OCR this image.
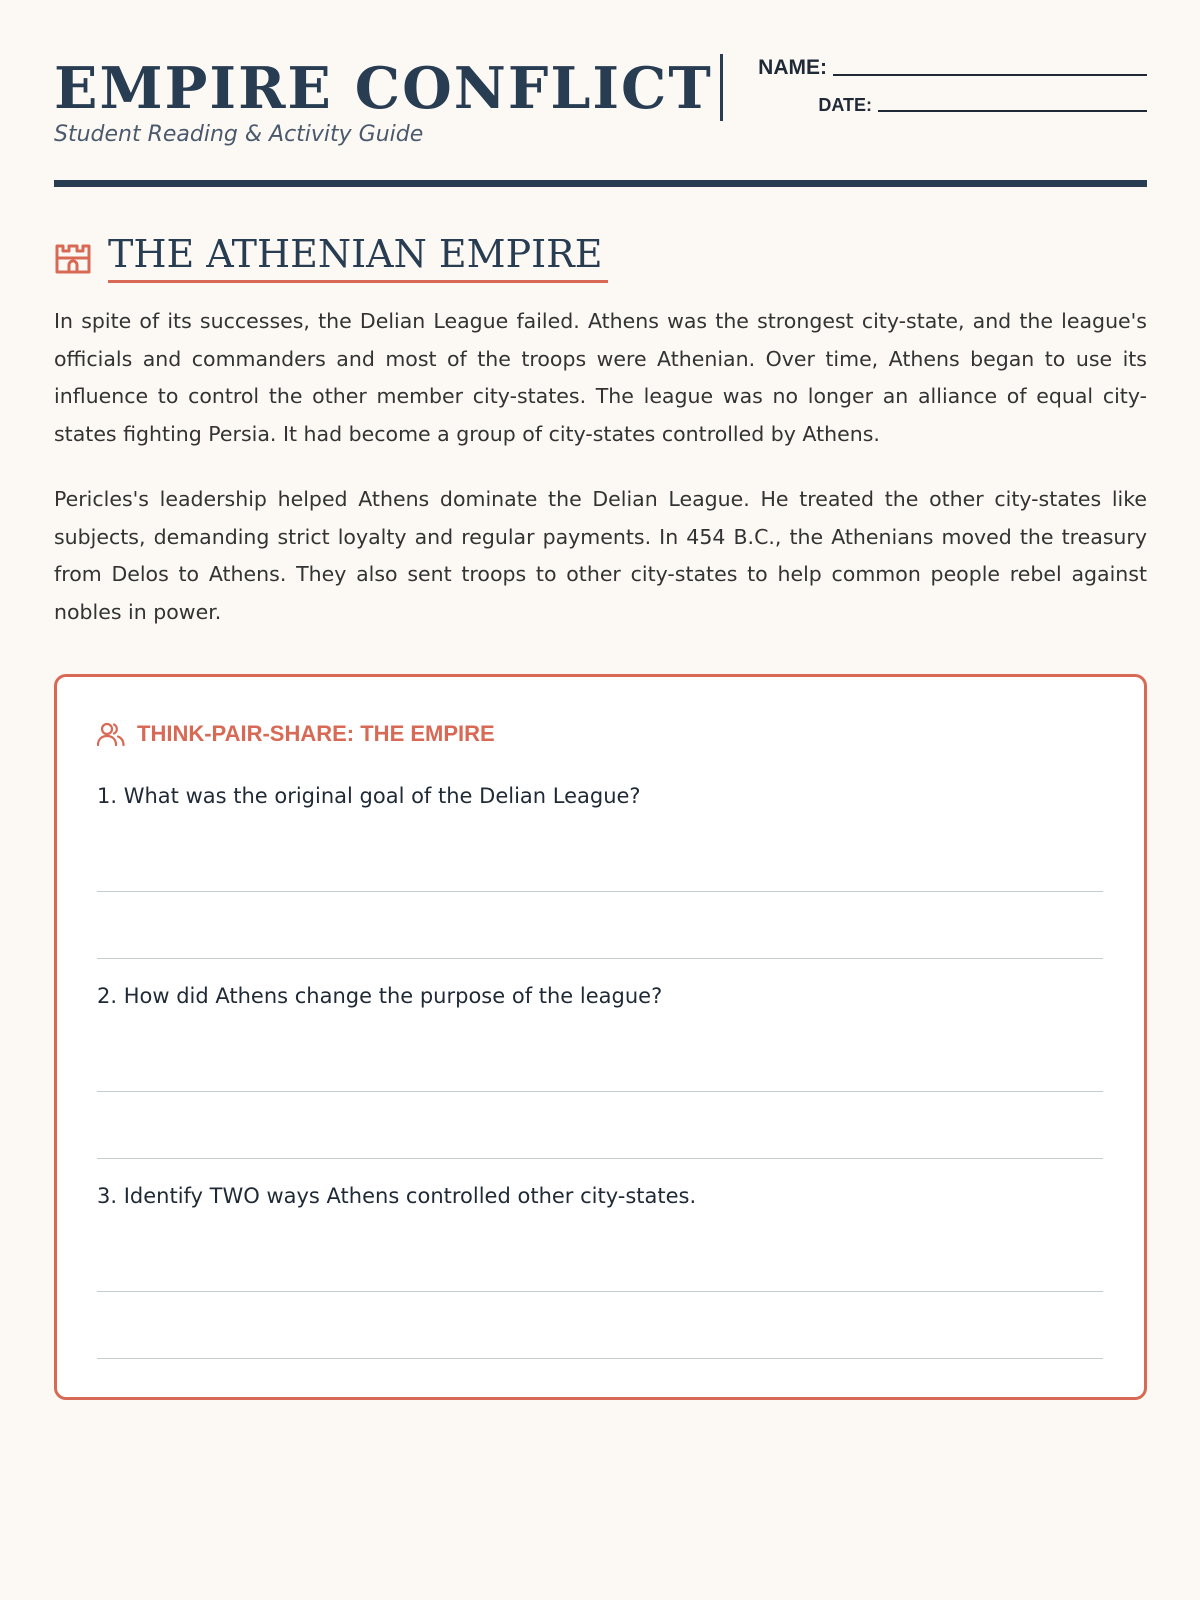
EMPIRE CONFLICT
Student Reading & Activity Guide
NAME:
DATE:
THE ATHENIAN EMPIRE

In spite of its successes, the Delian League failed. Athens was the strongest city-state, and the league's officials and commanders and most of the troops were Athenian. Over time, Athens began to use its influence to control the other member city-states. The league was no longer an alliance of equal city-states fighting Persia. It had become a group of city-states controlled by Athens.

Pericles's leadership helped Athens dominate the Delian League. He treated the other city-states like subjects, demanding strict loyalty and regular payments. In 454 B.C., the Athenians moved the treasury from Delos to Athens. They also sent troops to other city-states to help common people rebel against nobles in power.

THINK-PAIR-SHARE: THE EMPIRE

1. What was the original goal of the Delian League?

2. How did Athens change the purpose of the league?

3. Identify TWO ways Athens controlled other city-states.
